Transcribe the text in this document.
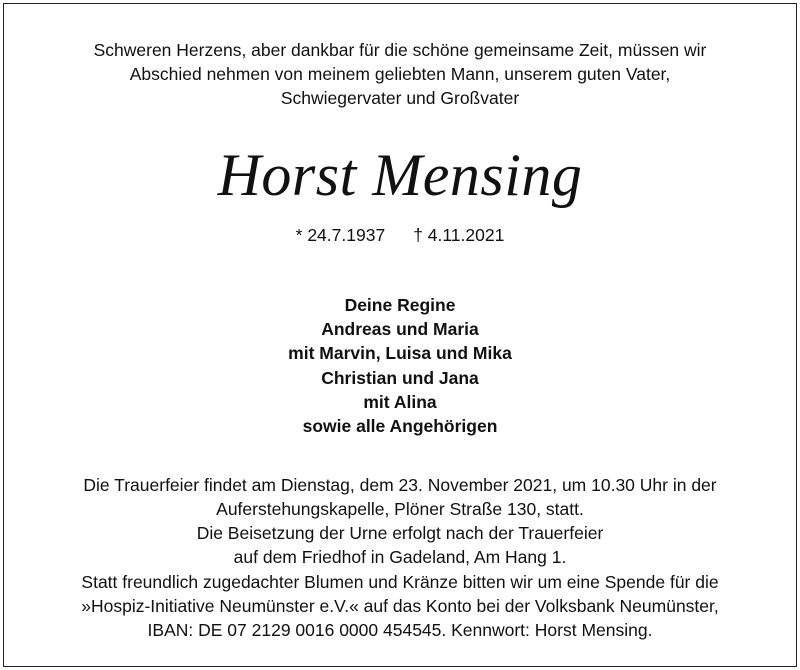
Schweren Herzens, aber dankbar für die schöne gemeinsame Zeit, müssen wir
Abschied nehmen von meinem geliebten Mann, unserem guten Vater,
Schwiegervater und Großvater
Horst Mensing
* 24.7.1937 † 4.11.2021
Deine Regine
Andreas und Maria
mit Marvin, Luisa und Mika
Christian und Jana
mit Alina
sowie alle Angehörigen
Die Trauerfeier findet am Dienstag, dem 23. November 2021, um 10.30 Uhr in der
Auferstehungskapelle, Plöner Straße 130, statt.
Die Beisetzung der Urne erfolgt nach der Trauerfeier
auf dem Friedhof in Gadeland, Am Hang 1.
Statt freundlich zugedachter Blumen und Kränze bitten wir um eine Spende für die
»Hospiz-Initiative Neumünster e.V.« auf das Konto bei der Volksbank Neumünster,
IBAN: DE 07 2129 0016 0000 454545. Kennwort: Horst Mensing.
